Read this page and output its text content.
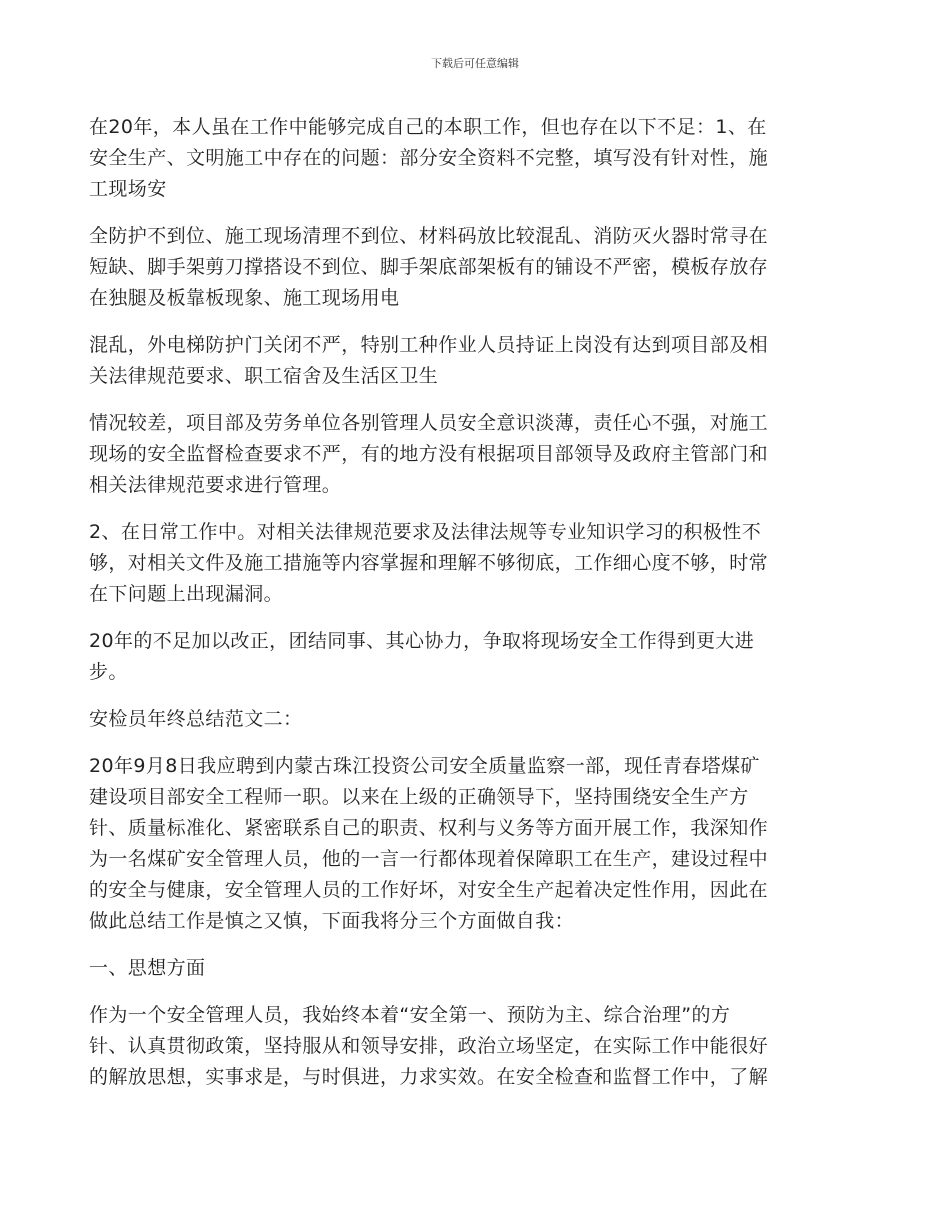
下载后可任意编辑

在20年，本人虽在工作中能够完成自己的本职工作，但也存在以下不足：1、在
安全生产、文明施工中存在的问题：部分安全资料不完整，填写没有针对性，施
工现场安

全防护不到位、施工现场清理不到位、材料码放比较混乱、消防灭火器时常寻在
短缺、脚手架剪刀撑搭设不到位、脚手架底部架板有的铺设不严密，模板存放存
在独腿及板靠板现象、施工现场用电

混乱，外电梯防护门关闭不严，特别工种作业人员持证上岗没有达到项目部及相
关法律规范要求、职工宿舍及生活区卫生

情况较差，项目部及劳务单位各别管理人员安全意识淡薄，责任心不强，对施工
现场的安全监督检查要求不严，有的地方没有根据项目部领导及政府主管部门和
相关法律规范要求进行管理。

2、在日常工作中。对相关法律规范要求及法律法规等专业知识学习的积极性不
够，对相关文件及施工措施等内容掌握和理解不够彻底，工作细心度不够，时常
在下问题上出现漏洞。

20年的不足加以改正，团结同事、其心协力，争取将现场安全工作得到更大进
步。

安检员年终总结范文二：

20年9月8日我应聘到内蒙古珠江投资公司安全质量监察一部，现任青春塔煤矿
建设项目部安全工程师一职。以来在上级的正确领导下，坚持围绕安全生产方
针、质量标准化、紧密联系自己的职责、权利与义务等方面开展工作，我深知作
为一名煤矿安全管理人员，他的一言一行都体现着保障职工在生产，建设过程中
的安全与健康，安全管理人员的工作好坏，对安全生产起着决定性作用，因此在
做此总结工作是慎之又慎，下面我将分三个方面做自我：

一、思想方面

作为一个安全管理人员，我始终本着“安全第一、预防为主、综合治理”的方
针、认真贯彻政策，坚持服从和领导安排，政治立场坚定，在实际工作中能很好
的解放思想，实事求是，与时俱进，力求实效。在安全检查和监督工作中，了解
